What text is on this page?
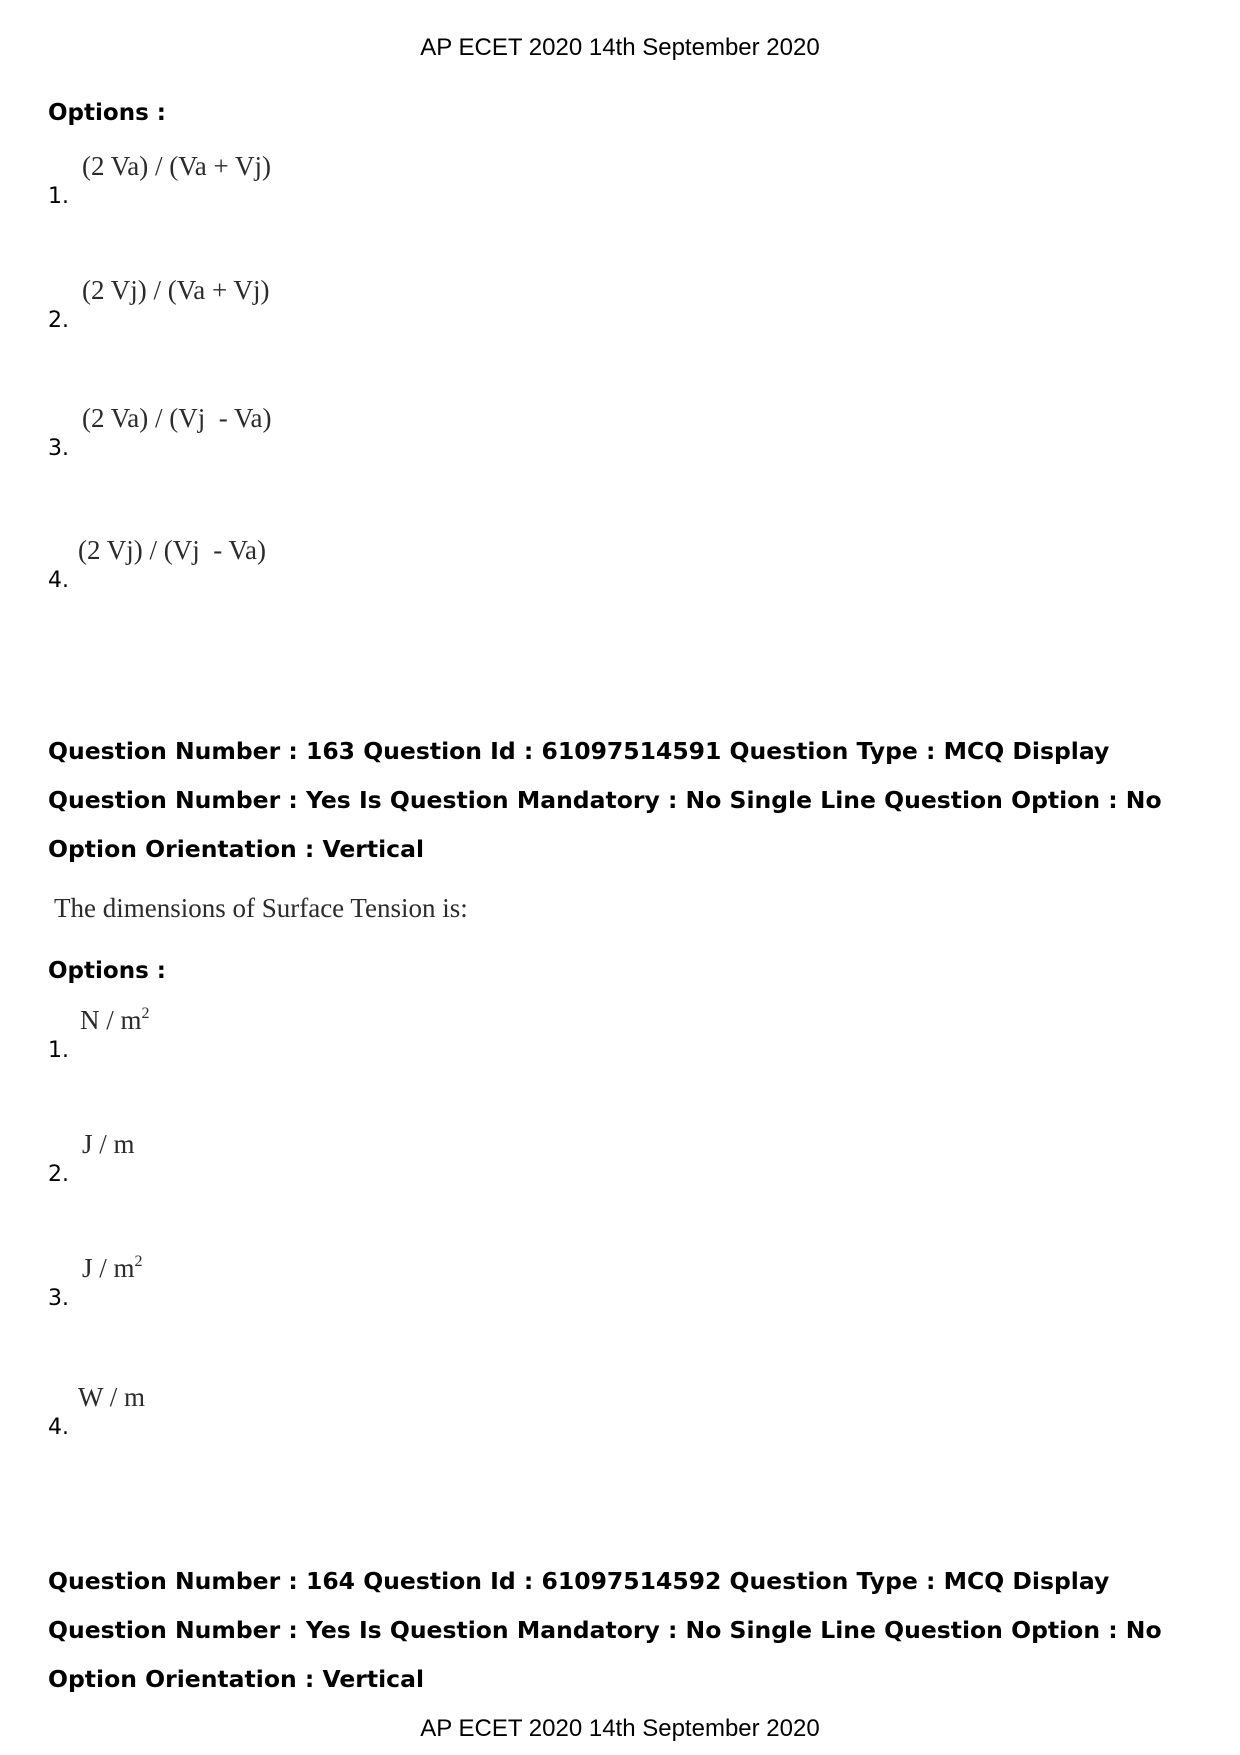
AP ECET 2020 14th September 2020
Options :
1.
(2 Va) / (Va + Vj)
2.
(2 Vj) / (Va + Vj)
3.
(2 Va) / (Vj  - Va)
4.
(2 Vj) / (Vj  - Va)
Question Number : 163 Question Id : 61097514591 Question Type : MCQ Display Question Number : Yes Is Question Mandatory : No Single Line Question Option : No Option Orientation : Vertical
The dimensions of Surface Tension is:
Options :
1.
N / $m^2$
2.
J / m
3.
J / $m^2$
4.
W / m
Question Number : 164 Question Id : 61097514592 Question Type : MCQ Display Question Number : Yes Is Question Mandatory : No Single Line Question Option : No Option Orientation : Vertical
AP ECET 2020 14th September 2020
